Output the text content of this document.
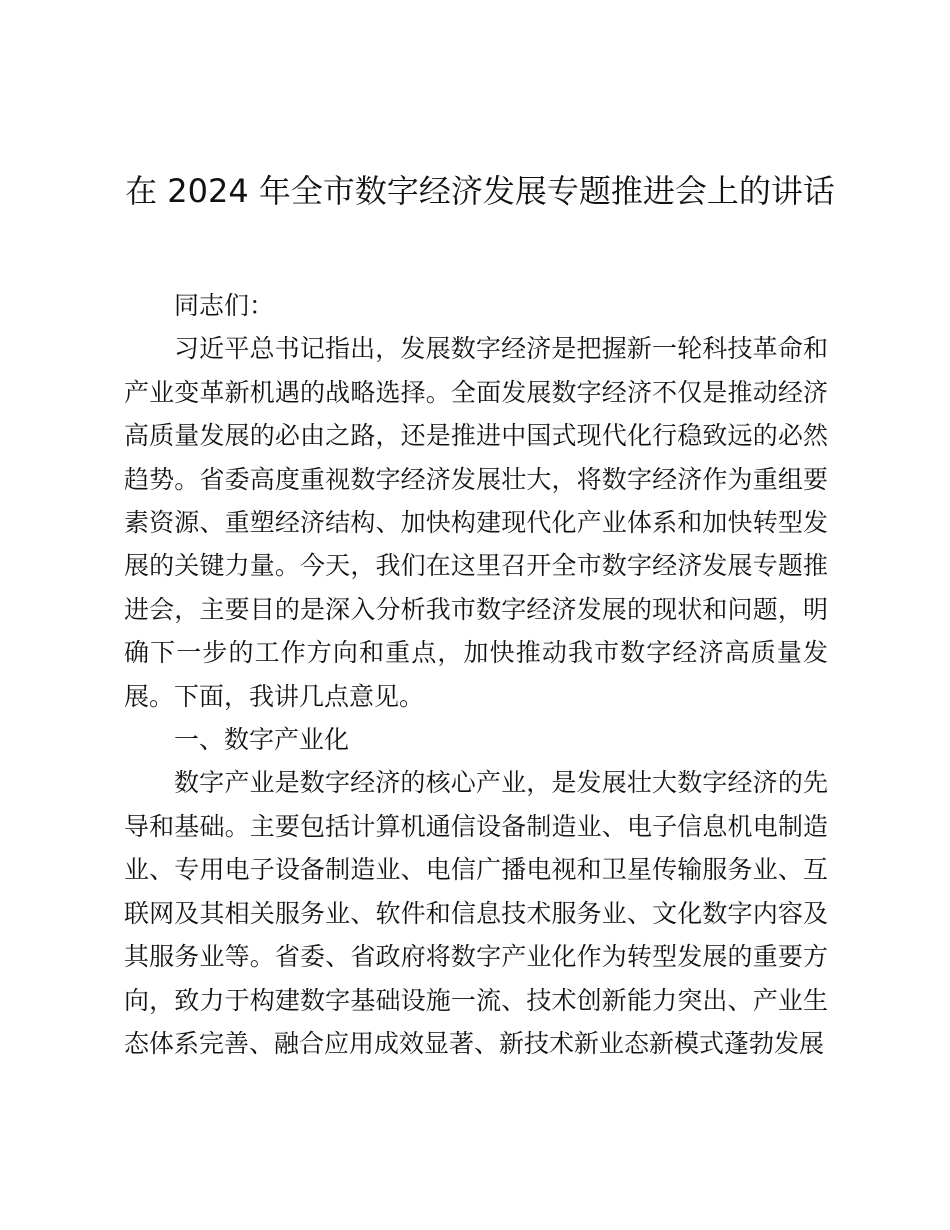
在 2024 年全市数字经济发展专题推进会上的讲话

同志们：

习近平总书记指出，发展数字经济是把握新一轮科技革命和产业变革新机遇的战略选择。全面发展数字经济不仅是推动经济高质量发展的必由之路，还是推进中国式现代化行稳致远的必然趋势。省委高度重视数字经济发展壮大，将数字经济作为重组要素资源、重塑经济结构、加快构建现代化产业体系和加快转型发展的关键力量。今天，我们在这里召开全市数字经济发展专题推进会，主要目的是深入分析我市数字经济发展的现状和问题，明确下一步的工作方向和重点，加快推动我市数字经济高质量发展。下面，我讲几点意见。

一、数字产业化

数字产业是数字经济的核心产业，是发展壮大数字经济的先导和基础。主要包括计算机通信设备制造业、电子信息机电制造业、专用电子设备制造业、电信广播电视和卫星传输服务业、互联网及其相关服务业、软件和信息技术服务业、文化数字内容及其服务业等。省委、省政府将数字产业化作为转型发展的重要方向，致力于构建数字基础设施一流、技术创新能力突出、产业生态体系完善、融合应用成效显著、新技术新业态新模式蓬勃发展
